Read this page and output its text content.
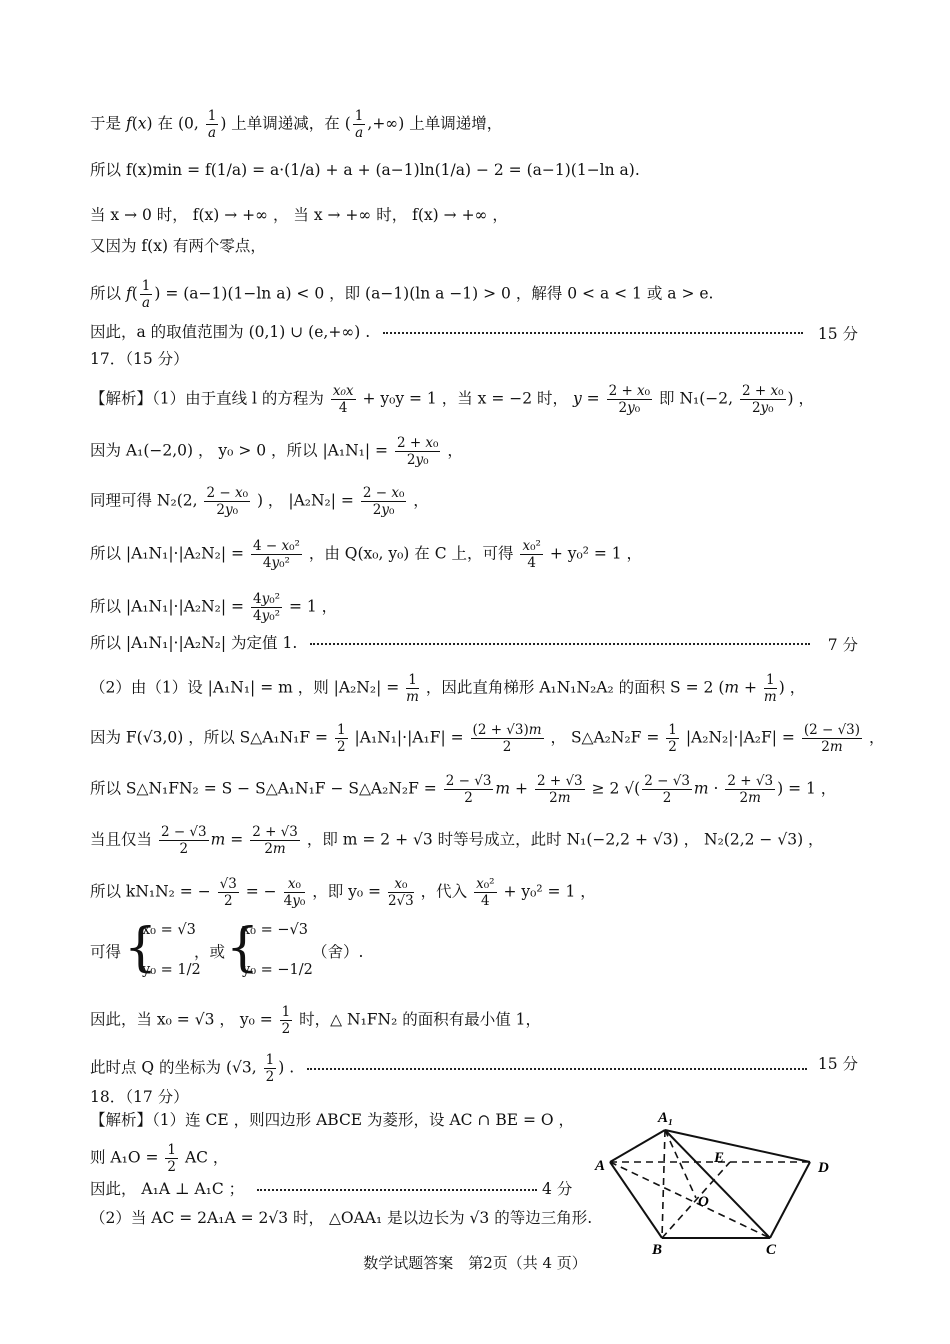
于是 f(x) 在 (0, $\frac{1}{a}$ ) 上单调递减，在 ( $\frac{1}{a}$ ,+∞) 上单调递增，
所以 f(x)min = f(1/a) = a·(1/a) + a + (a−1)ln(1/a) − 2 = (a−1)(1−ln a).
当 x → 0 时， f(x) → +∞ ， 当 x → +∞ 时， f(x) → +∞ ，
又因为 f(x) 有两个零点，
所以 $f( \frac{1}{a}$ ) = (a−1)(1−ln a) < 0 ，即 (a−1)(ln a −1) > 0 ，解得 0 < a < 1 或 a > e.
因此，a 的取值范围为 (0,1) ∪ (e,+∞) .	15 分
17．（15 分）
【解析】（1）由于直线 l 的方程为 $\frac{\text{x₀x}}{4} + y_0y = 1$ ，当 x = −2 时， $y = \frac{\text{2 + x₀}}{\text{2y₀}}$ 即 N₁(−2, $\frac{\text{2 + x₀}}{\text{2y₀}}$ ) ，
因为 A₁(−2,0) ， y₀ > 0 ，所以 $|A_1N_1| = \frac{\text{2 + x₀}}{\text{2y₀}}$ ，
同理可得 N₂(2, $\frac{\text{2 − x₀}}{\text{2y₀}}$ ) ， $|A_2N_2| = \frac{\text{2 − x₀}}{\text{2y₀}}$ ，
所以 $|A_1N_1|\cdot|A_2N_2| = \frac{\text{4 − x₀²}}{\text{4y₀²}}$ ，由 Q(x₀, y₀) 在 C 上，可得 $\frac{\text{x₀²}}{4} + y_0^2 = 1$ ，
所以 $|A_1N_1|\cdot|A_2N_2| = \frac{\text{4y₀²}}{\text{4y₀²}} = 1$ ，
所以 |A₁N₁|·|A₂N₂| 为定值 1.	7 分
（2）由（1）设 |A₁N₁| = m ，则 $|A_2N_2| = \frac{1}{m}$ ，因此直角梯形 A₁N₁N₂A₂ 的面积 S = 2 ($m + \frac{1}{m}$ ) ，
因为 F(√3,0) ，所以 S△A₁N₁F = $\frac{1}{2} |A_1N_1|\cdot|A_1F| = \frac{(2 + √3)m}{2}$ ， S△A₂N₂F = $\frac{1}{2} |A_2N_2|\cdot|A_2F| = \frac{(2 - √3)}{2m}$ ，
所以 S△N₁FN₂ = S − S△A₁N₁F − S△A₂N₂F = $\frac{2 - √3}{2}$ $m + \frac{2 + √3}{2m} \ge 2$ √( $\frac{2 - √3}{2}$ $m \cdot \frac{2 + √3}{2m}$ ) = 1 ，
当且仅当 $\frac{2 - √3}{2}$ $m = \frac{2 + √3}{2m}$ ，即 m = 2 + √3 时等号成立，此时 N₁(−2,2 + √3) ， N₂(2,2 − √3) ，
所以 kN₁N₂ = − $\frac{√3}{2}$ = − $\frac{\text{x₀}}{\text{4y₀}}$ ，即 $y_0 = \frac{\text{x₀}}{2√3}$ ，代入 $\frac{\text{x₀²}}{4} + y_0^2 = 1$ ，
可得 {
x₀ = √3
y₀ = 1/2
，或 {
x₀ = −√3
y₀ = −1/2
（舍）.
因此，当 x₀ = √3 ， $y_0 = \frac{1}{2}$ 时，△ N₁FN₂ 的面积有最小值 1，
此时点 Q 的坐标为 (√3, $\frac{1}{2}$ ) .	15 分
18．（17 分）
【解析】（1）连 CE ，则四边形 ABCE 为菱形，设 AC ∩ BE = O ，
则 $A_1O = \frac{1}{2}$ AC ，
因此， A₁A ⊥ A₁C ；	4 分
（2）当 AC = 2A₁A = 2√3 时， △OAA₁ 是以边长为 √3 的等边三角形.
A₁
A	E
D
O
B	C
数学试题答案　第2页（共 4 页）
